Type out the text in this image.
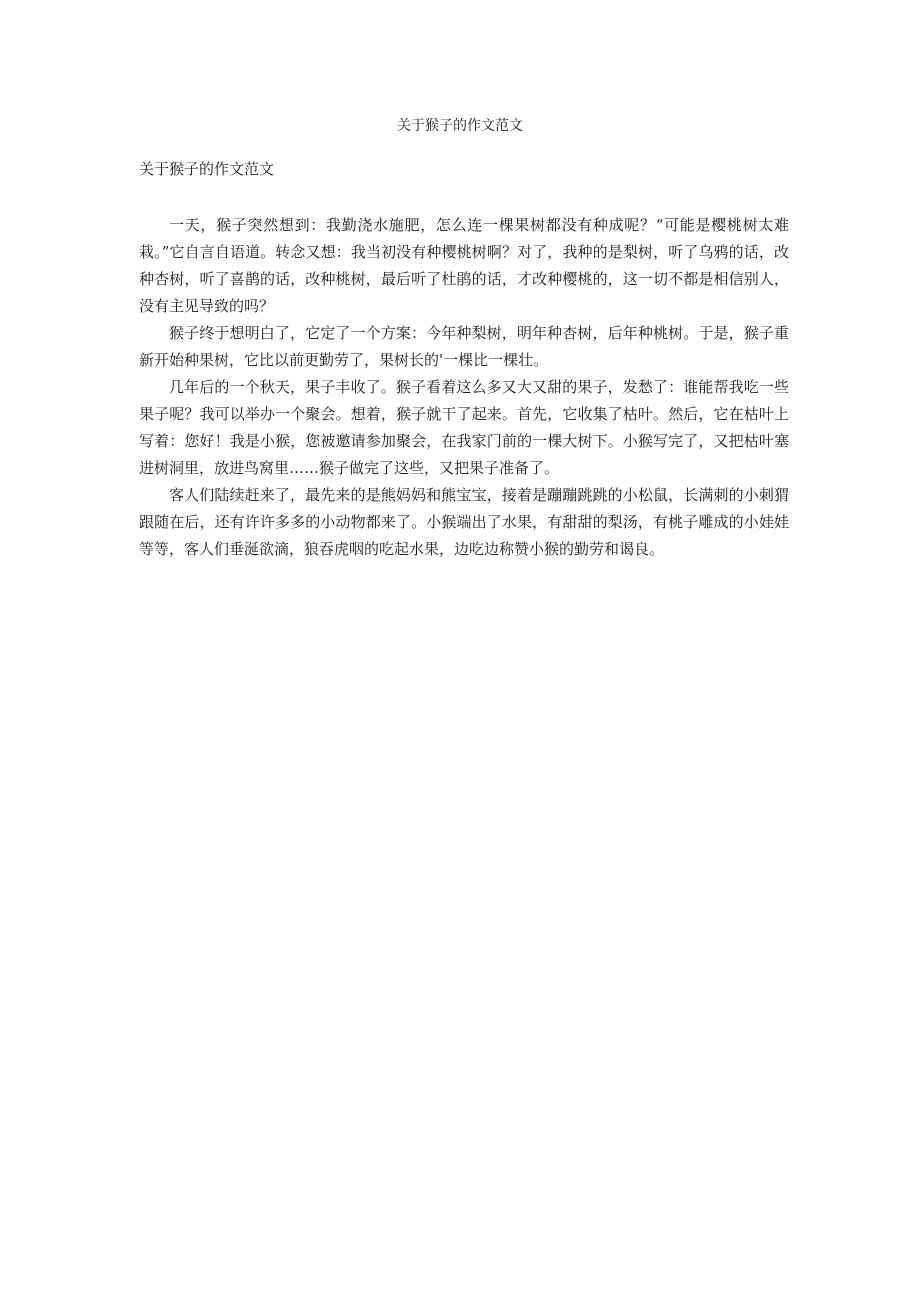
关于猴子的作文范文
关于猴子的作文范文

一天，猴子突然想到：我勤浇水施肥，怎么连一棵果树都没有种成呢？“可能是樱桃树太难栽。”它自言自语道。转念又想：我当初没有种樱桃树啊？对了，我种的是梨树，听了乌鸦的话，改种杏树，听了喜鹊的话，改种桃树，最后听了杜鹃的话，才改种樱桃的，这一切不都是相信别人，没有主见导致的吗？

猴子终于想明白了，它定了一个方案：今年种梨树，明年种杏树，后年种桃树。于是，猴子重新开始种果树，它比以前更勤劳了，果树长的'一棵比一棵壮。

几年后的一个秋天，果子丰收了。猴子看着这么多又大又甜的果子，发愁了：谁能帮我吃一些果子呢？我可以举办一个聚会。想着，猴子就干了起来。首先，它收集了枯叶。然后，它在枯叶上写着：您好！我是小猴，您被邀请参加聚会，在我家门前的一棵大树下。小猴写完了，又把枯叶塞进树洞里，放进鸟窝里……猴子做完了这些，又把果子准备了。

客人们陆续赶来了，最先来的是熊妈妈和熊宝宝，接着是蹦蹦跳跳的小松鼠，长满刺的小刺猬跟随在后，还有许许多多的小动物都来了。小猴端出了水果，有甜甜的梨汤，有桃子雕成的小娃娃等等，客人们垂涎欲滴，狼吞虎咽的吃起水果，边吃边称赞小猴的勤劳和谒良。
